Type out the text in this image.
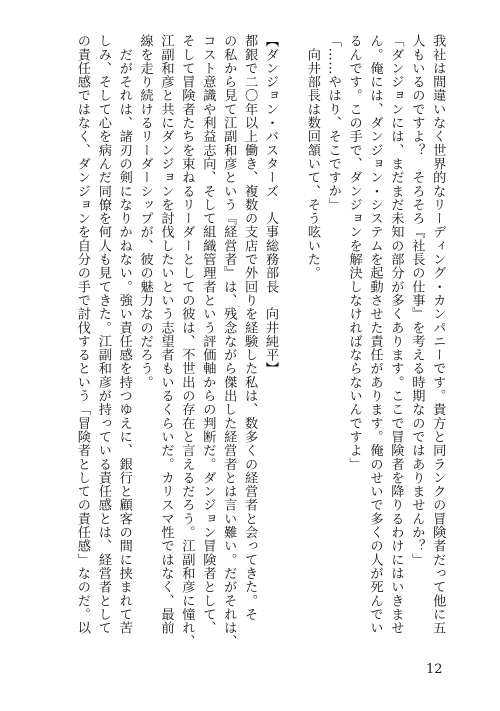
我社は間違いなく世界的なリーディング・カンパニーです。貴方と同ランクの冒険者だって他に五
人もいるのですよ？　そろそろ『社長の仕事』を考える時期なのではありませんか？」
「ダンジョンには、まだまだ未知の部分が多くあります。ここで冒険者を降りるわけにはいきませ
ん。俺には、ダンジョン・システムを起動させた責任があります。俺のせいで多くの人が死んでい
るんです。この手で、ダンジョンを解決しなければならないんですよ」
「……やはり、そこですか」
　向井部長は数回頷いて、そう呟いた。
【ダンジョン・バスターズ　人事総務部長　向井純平】
都銀で二〇年以上働き、複数の支店で外回りを経験した私は、数多くの経営者と会ってきた。そ
の私から見て江副和彦という『経営者』は、残念ながら傑出した経営者とは言い難い。だがそれは、
コスト意識や利益志向、そして組織管理者という評価軸からの判断だ。ダンジョン冒険者として、
そして冒険者たちを束ねるリーダーとしての彼は、不世出の存在と言えるだろう。江副和彦に憧れ、
江副和彦と共にダンジョンを討伐したいという志望者もいるくらいだ。カリスマ性ではなく、最前
線を走り続けるリーダーシップが、彼の魅力なのだろう。
　だがそれは、諸刃の剣になりかねない。強い責任感を持つゆえに、銀行と顧客の間に挟まれて苦
しみ、そして心を病んだ同僚を何人も見てきた。江副和彦が持っている責任感とは、経営者として
の責任感ではなく、ダンジョンを自分の手で討伐するという「冒険者としての責任感」なのだ。以
12
